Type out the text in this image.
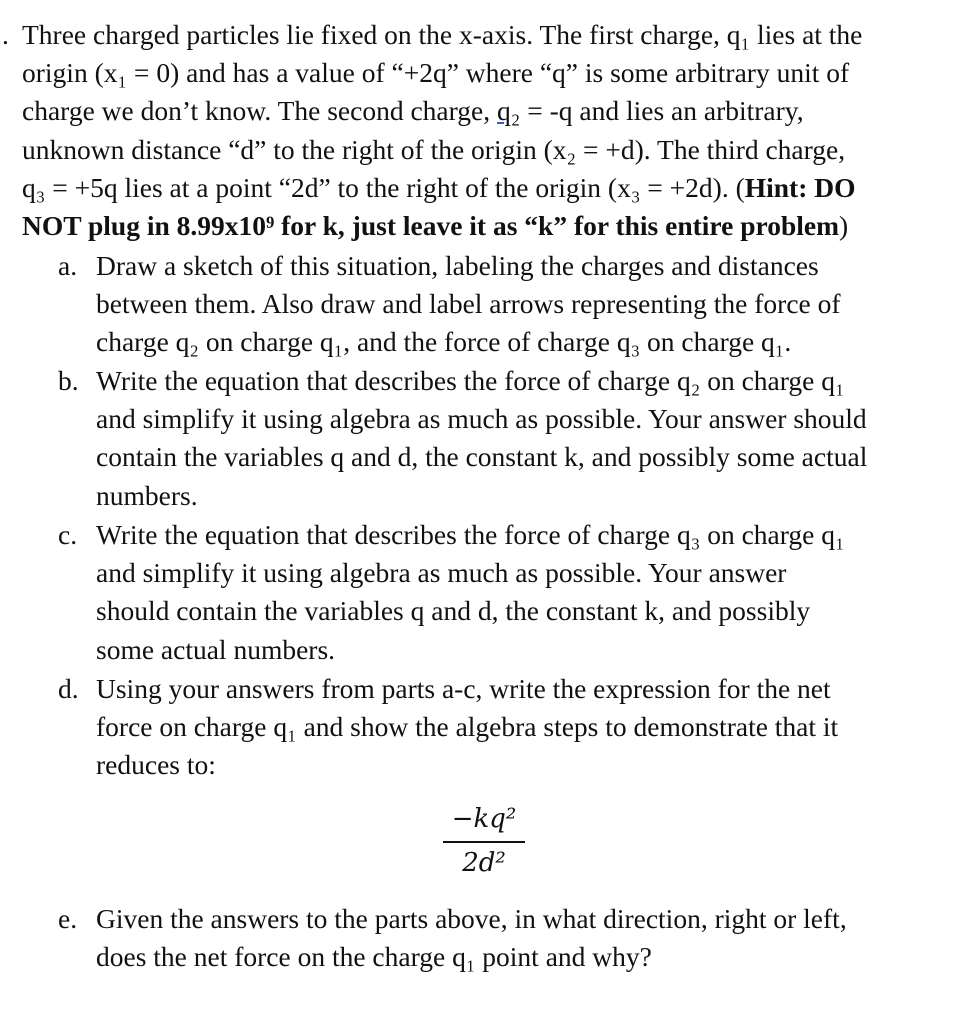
. Three charged particles lie fixed on the x-axis. The first charge, q₁ lies at the
origin (x₁ = 0) and has a value of “+2q” where “q” is some arbitrary unit of
charge we don’t know. The second charge, q₂ = -q and lies an arbitrary,
unknown distance “d” to the right of the origin (x₂ = +d). The third charge,
q₃ = +5q lies at a point “2d” to the right of the origin (x₃ = +2d). (Hint: DO
NOT plug in 8.99x10⁹ for k, just leave it as “k” for this entire problem)
a. Draw a sketch of this situation, labeling the charges and distances
between them. Also draw and label arrows representing the force of
charge q₂ on charge q₁, and the force of charge q₃ on charge q₁.
b. Write the equation that describes the force of charge q₂ on charge q₁
and simplify it using algebra as much as possible. Your answer should
contain the variables q and d, the constant k, and possibly some actual
numbers.
c. Write the equation that describes the force of charge q₃ on charge q₁
and simplify it using algebra as much as possible. Your answer
should contain the variables q and d, the constant k, and possibly
some actual numbers.
d. Using your answers from parts a-c, write the expression for the net
force on charge q₁ and show the algebra steps to demonstrate that it
reduces to:
−kq²
2d²
e. Given the answers to the parts above, in what direction, right or left,
does the net force on the charge q₁ point and why?
